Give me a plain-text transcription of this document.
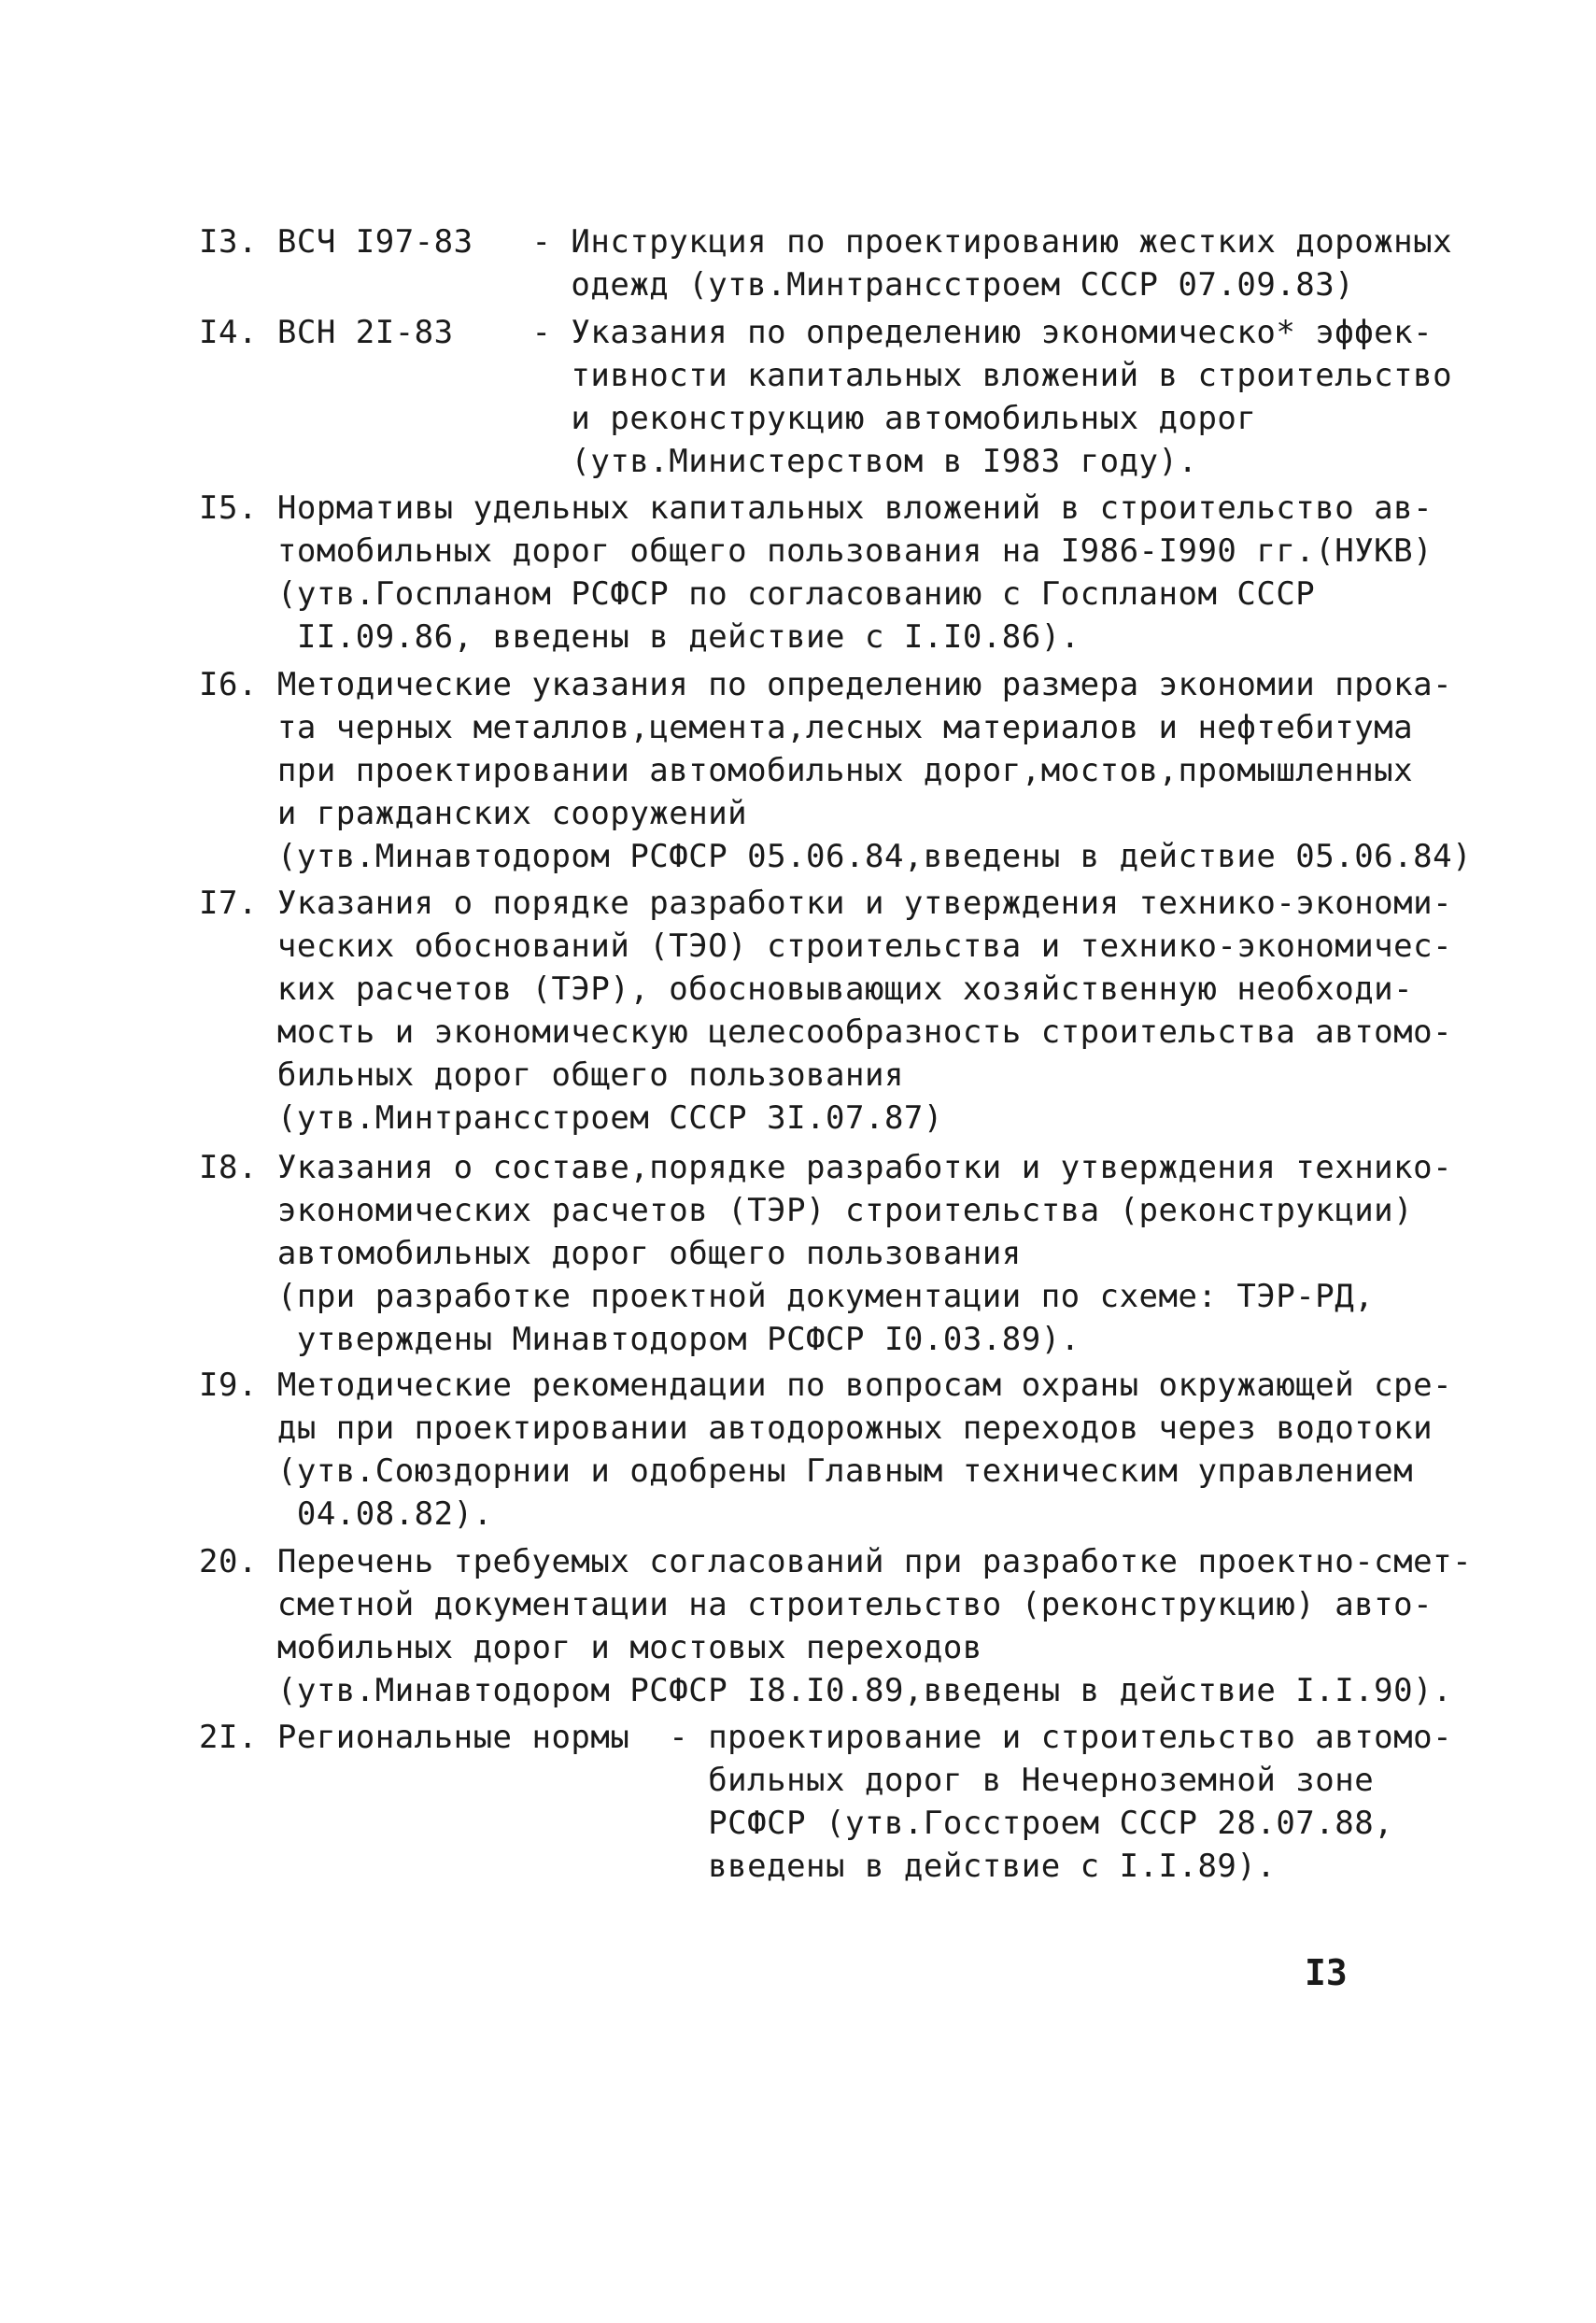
I3. ВСЧ I97-83   - Инструкция по проектированию жестких дорожных
одежд (утв.Минтрансстроем СССР 07.09.83)
I4. ВСН 2I-83    - Указания по определению экономическо* эффек-
тивности капитальных вложений в строительство
и реконструкцию автомобильных дорог
(утв.Министерством в I983 году).
I5. Нормативы удельных капитальных вложений в строительство ав-
томобильных дорог общего пользования на I986-I990 гг.(НУКВ)
(утв.Госпланом РСФСР по согласованию с Госпланом СССР
II.09.86, введены в действие с I.I0.86).
I6. Методические указания по определению размера экономии прока-
та черных металлов,цемента,лесных материалов и нефтебитума
при проектировании автомобильных дорог,мостов,промышленных
и гражданских сооружений
(утв.Минавтодором РСФСР 05.06.84,введены в действие 05.06.84)
I7. Указания о порядке разработки и утверждения технико-экономи-
ческих обоснований (ТЭО) строительства и технико-экономичес-
ких расчетов (ТЭР), обосновывающих хозяйственную необходи-
мость и экономическую целесообразность строительства автомо-
бильных дорог общего пользования
(утв.Минтрансстроем СССР 3I.07.87)
I8. Указания о составе,порядке разработки и утверждения технико-
экономических расчетов (ТЭР) строительства (реконструкции)
автомобильных дорог общего пользования
(при разработке проектной документации по схеме: ТЭР-РД,
утверждены Минавтодором РСФСР I0.03.89).
I9. Методические рекомендации по вопросам охраны окружающей сре-
ды при проектировании автодорожных переходов через водотоки
(утв.Союздорнии и одобрены Главным техническим управлением
04.08.82).
20. Перечень требуемых согласований при разработке проектно-смет-
сметной документации на строительство (реконструкцию) авто-
мобильных дорог и мостовых переходов
(утв.Минавтодором РСФСР I8.I0.89,введены в действие I.I.90).
2I. Региональные нормы  - проектирование и строительство автомо-
бильных дорог в Нечерноземной зоне
РСФСР (утв.Госстроем СССР 28.07.88,
введены в действие с I.I.89).
I3
